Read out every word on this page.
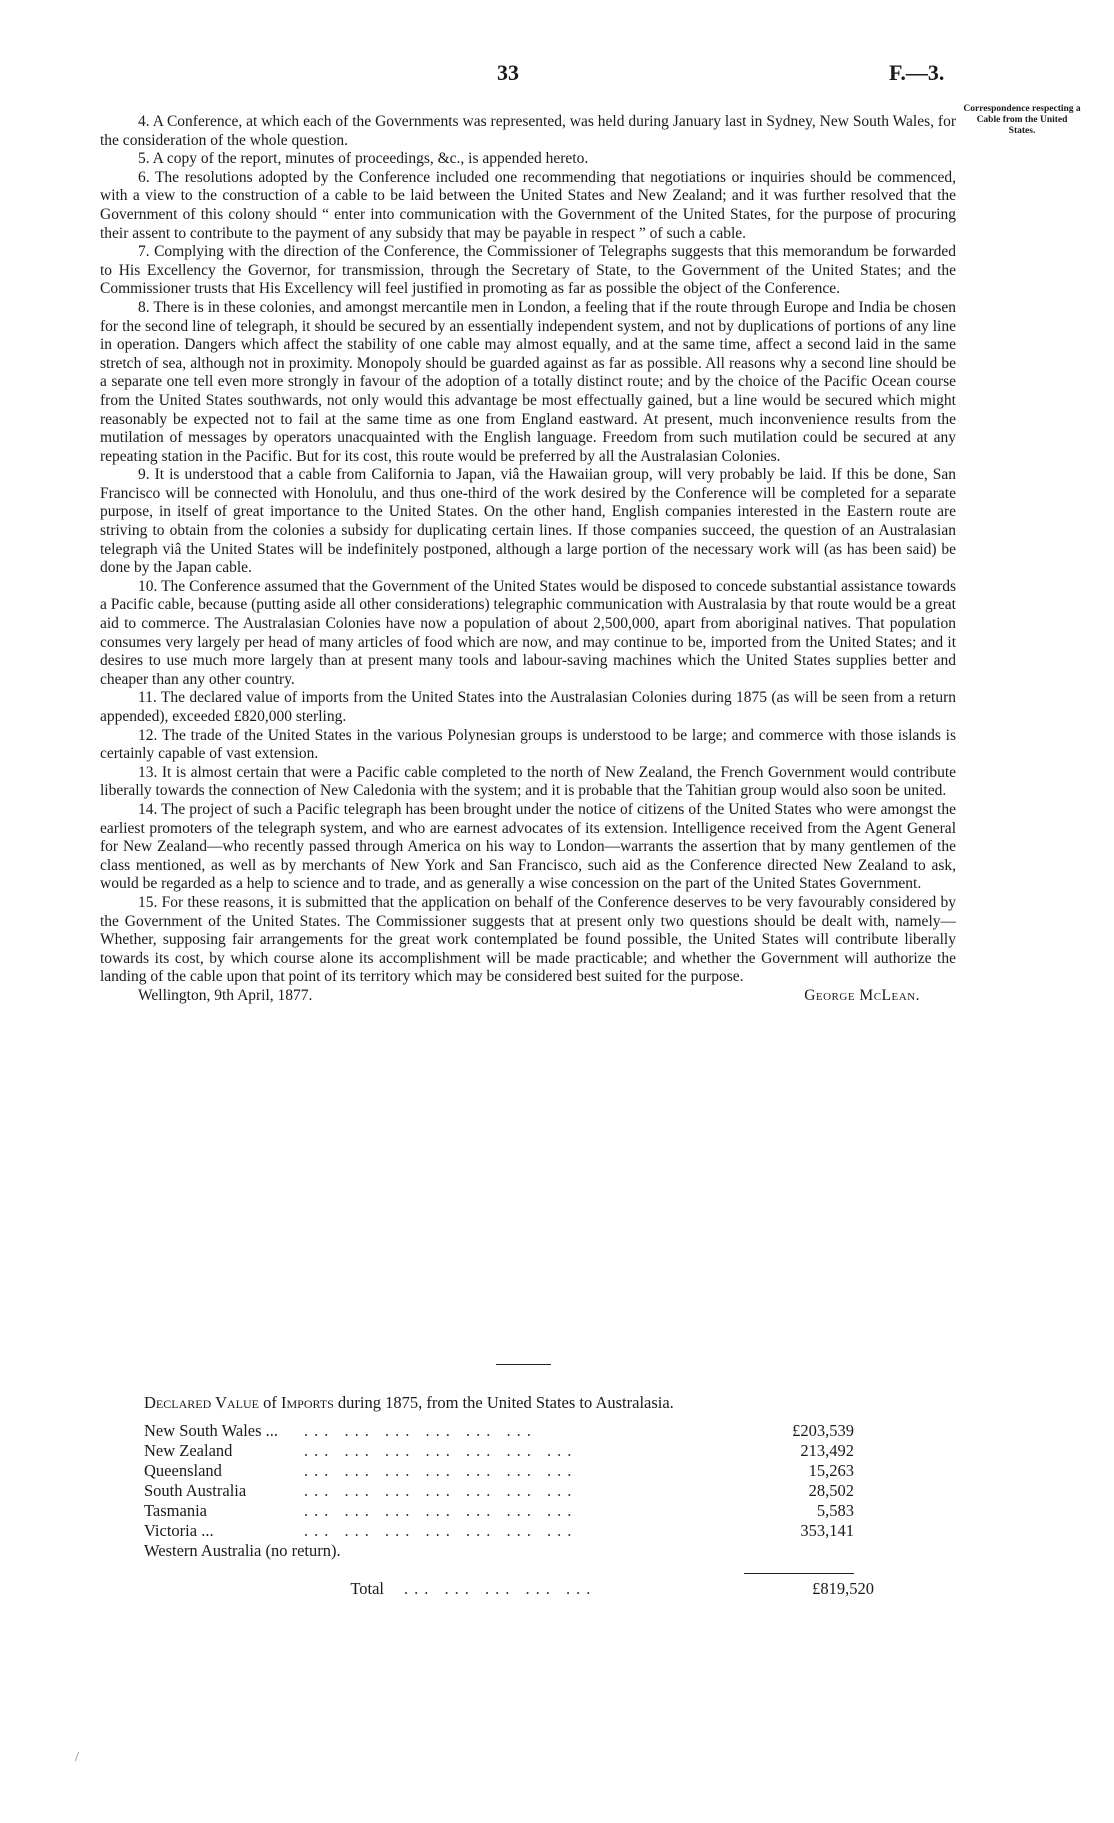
33	F.—3.
Correspondence respecting a Cable from the United States.

4. A Conference, at which each of the Governments was represented, was held during January last in Sydney, New South Wales, for the consideration of the whole question.

5. A copy of the report, minutes of proceedings, &c., is appended hereto.

6. The resolutions adopted by the Conference included one recommending that negotiations or inquiries should be commenced, with a view to the construction of a cable to be laid between the United States and New Zealand; and it was further resolved that the Government of this colony should “ enter into communication with the Government of the United States, for the purpose of procuring their assent to contribute to the payment of any subsidy that may be payable in respect ” of such a cable.

7. Complying with the direction of the Conference, the Commissioner of Telegraphs suggests that this memorandum be forwarded to His Excellency the Governor, for transmission, through the Secretary of State, to the Government of the United States; and the Commissioner trusts that His Excellency will feel justified in promoting as far as possible the object of the Conference.

8. There is in these colonies, and amongst mercantile men in London, a feeling that if the route through Europe and India be chosen for the second line of telegraph, it should be secured by an essentially independent system, and not by duplications of portions of any line in operation. Dangers which affect the stability of one cable may almost equally, and at the same time, affect a second laid in the same stretch of sea, although not in proximity. Monopoly should be guarded against as far as possible. All reasons why a second line should be a separate one tell even more strongly in favour of the adoption of a totally distinct route; and by the choice of the Pacific Ocean course from the United States southwards, not only would this advantage be most effectually gained, but a line would be secured which might reasonably be expected not to fail at the same time as one from England eastward. At present, much inconvenience results from the mutilation of messages by operators unacquainted with the English language. Freedom from such mutilation could be secured at any repeating station in the Pacific. But for its cost, this route would be preferred by all the Australasian Colonies.

9. It is understood that a cable from California to Japan, viâ the Hawaiian group, will very probably be laid. If this be done, San Francisco will be connected with Honolulu, and thus one-third of the work desired by the Conference will be completed for a separate purpose, in itself of great importance to the United States. On the other hand, English companies interested in the Eastern route are striving to obtain from the colonies a subsidy for duplicating certain lines. If those companies succeed, the question of an Australasian telegraph viâ the United States will be indefinitely postponed, although a large portion of the necessary work will (as has been said) be done by the Japan cable.

10. The Conference assumed that the Government of the United States would be disposed to concede substantial assistance towards a Pacific cable, because (putting aside all other considerations) telegraphic communication with Australasia by that route would be a great aid to commerce. The Australasian Colonies have now a population of about 2,500,000, apart from aboriginal natives. That population consumes very largely per head of many articles of food which are now, and may continue to be, imported from the United States; and it desires to use much more largely than at present many tools and labour-saving machines which the United States supplies better and cheaper than any other country.

11. The declared value of imports from the United States into the Australasian Colonies during 1875 (as will be seen from a return appended), exceeded £820,000 sterling.

12. The trade of the United States in the various Polynesian groups is understood to be large; and commerce with those islands is certainly capable of vast extension.

13. It is almost certain that were a Pacific cable completed to the north of New Zealand, the French Government would contribute liberally towards the connection of New Caledonia with the system; and it is probable that the Tahitian group would also soon be united.

14. The project of such a Pacific telegraph has been brought under the notice of citizens of the United States who were amongst the earliest promoters of the telegraph system, and who are earnest advocates of its extension. Intelligence received from the Agent General for New Zealand—who recently passed through America on his way to London—warrants the assertion that by many gentlemen of the class mentioned, as well as by merchants of New York and San Francisco, such aid as the Conference directed New Zealand to ask, would be regarded as a help to science and to trade, and as generally a wise concession on the part of the United States Government.

15. For these reasons, it is submitted that the application on behalf of the Conference deserves to be very favourably considered by the Government of the United States. The Commissioner suggests that at present only two questions should be dealt with, namely—Whether, supposing fair arrangements for the great work contemplated be found possible, the United States will contribute liberally towards its cost, by which course alone its accomplishment will be made practicable; and whether the Government will authorize the landing of the cable upon that point of its territory which may be considered best suited for the purpose.

Wellington, 9th April, 1877.	George McLean.
Declared Value of Imports during 1875, from the United States to Australasia.
New South Wales ...	... ... ... ... ... ...	£203,539
New Zealand	... ... ... ... ... ... ...	213,492
Queensland	... ... ... ... ... ... ...	15,263
South Australia	... ... ... ... ... ... ...	28,502
Tasmania	... ... ... ... ... ... ...	5,583
Victoria ...	... ... ... ... ... ... ...	353,141
Western Australia (no return).
Total	... ... ... ... ...	£819,520
/
